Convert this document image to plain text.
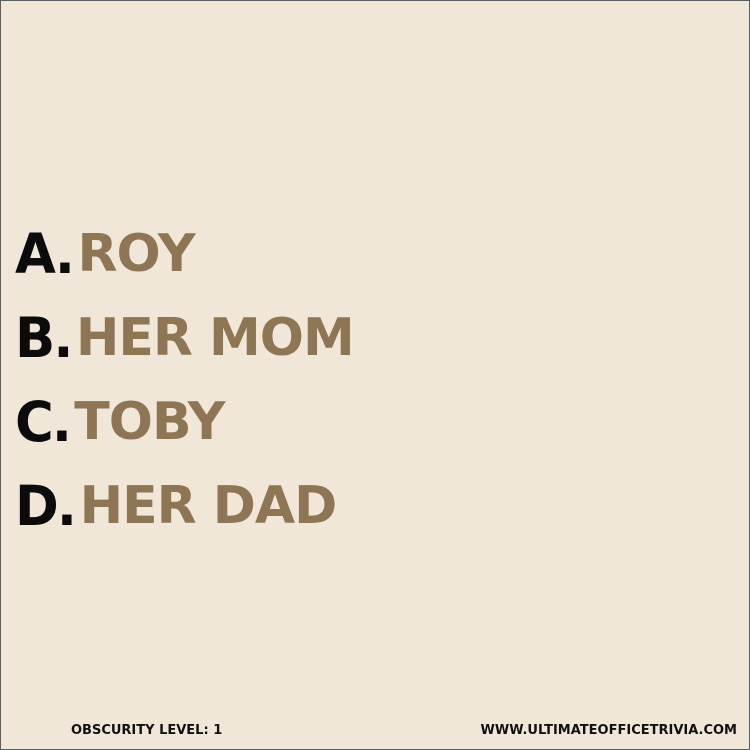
A. ROY
B. HER MOM
C. TOBY
D. HER DAD
OBSCURITY LEVEL: 1	WWW.ULTIMATEOFFICETRIVIA.COM
